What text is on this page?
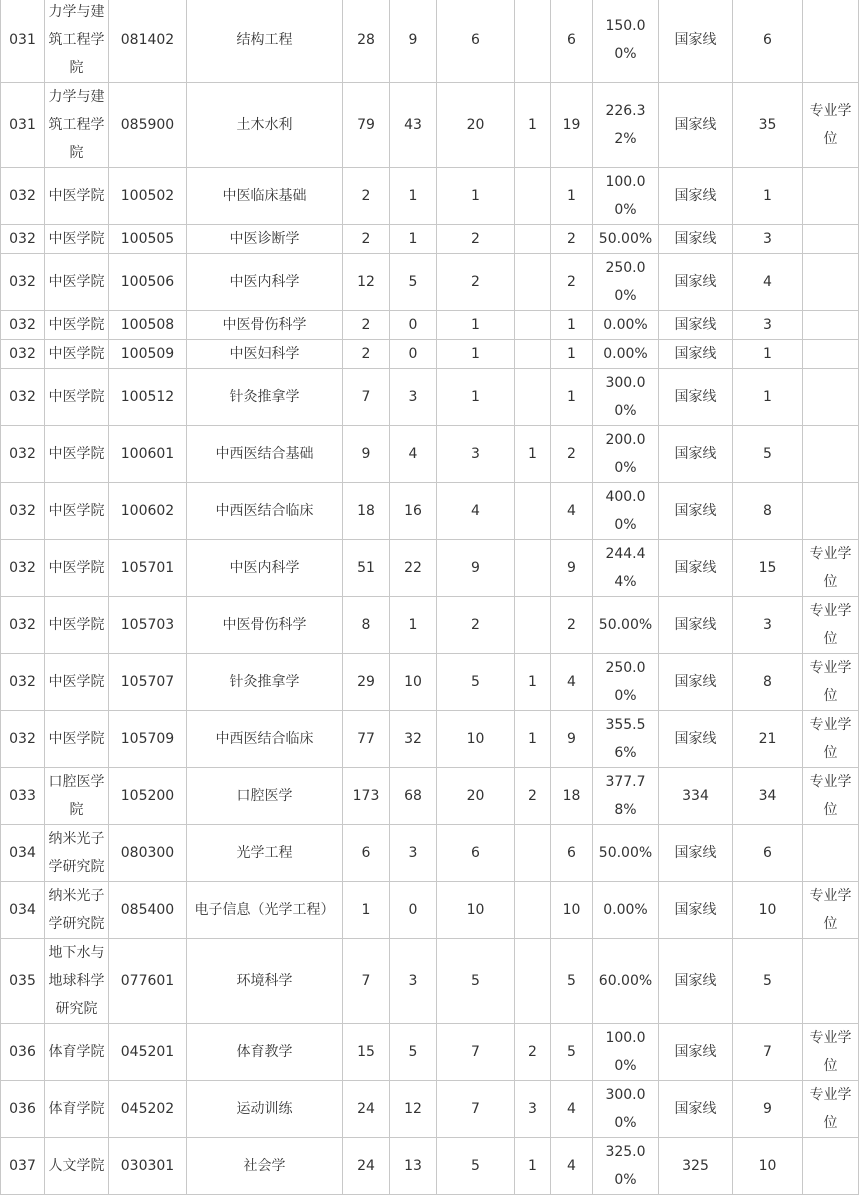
031	力学与建筑工程学院	081402	结构工程	28	9	6		6	150.00%	国家线	6	
031	力学与建筑工程学院	085900	土木水利	79	43	20	1	19	226.32%	国家线	35	专业学位
032	中医学院	100502	中医临床基础	2	1	1		1	100.00%	国家线	1	
032	中医学院	100505	中医诊断学	2	1	2		2	50.00%	国家线	3	
032	中医学院	100506	中医内科学	12	5	2		2	250.00%	国家线	4	
032	中医学院	100508	中医骨伤科学	2	0	1		1	0.00%	国家线	3	
032	中医学院	100509	中医妇科学	2	0	1		1	0.00%	国家线	1	
032	中医学院	100512	针灸推拿学	7	3	1		1	300.00%	国家线	1	
032	中医学院	100601	中西医结合基础	9	4	3	1	2	200.00%	国家线	5	
032	中医学院	100602	中西医结合临床	18	16	4		4	400.00%	国家线	8	
032	中医学院	105701	中医内科学	51	22	9		9	244.44%	国家线	15	专业学位
032	中医学院	105703	中医骨伤科学	8	1	2		2	50.00%	国家线	3	专业学位
032	中医学院	105707	针灸推拿学	29	10	5	1	4	250.00%	国家线	8	专业学位
032	中医学院	105709	中西医结合临床	77	32	10	1	9	355.56%	国家线	21	专业学位
033	口腔医学院	105200	口腔医学	173	68	20	2	18	377.78%	334	34	专业学位
034	纳米光子学研究院	080300	光学工程	6	3	6		6	50.00%	国家线	6	
034	纳米光子学研究院	085400	电子信息（光学工程）	1	0	10		10	0.00%	国家线	10	专业学位
035	地下水与地球科学研究院	077601	环境科学	7	3	5		5	60.00%	国家线	5	
036	体育学院	045201	体育教学	15	5	7	2	5	100.00%	国家线	7	专业学位
036	体育学院	045202	运动训练	24	12	7	3	4	300.00%	国家线	9	专业学位
037	人文学院	030301	社会学	24	13	5	1	4	325.00%	325	10	
